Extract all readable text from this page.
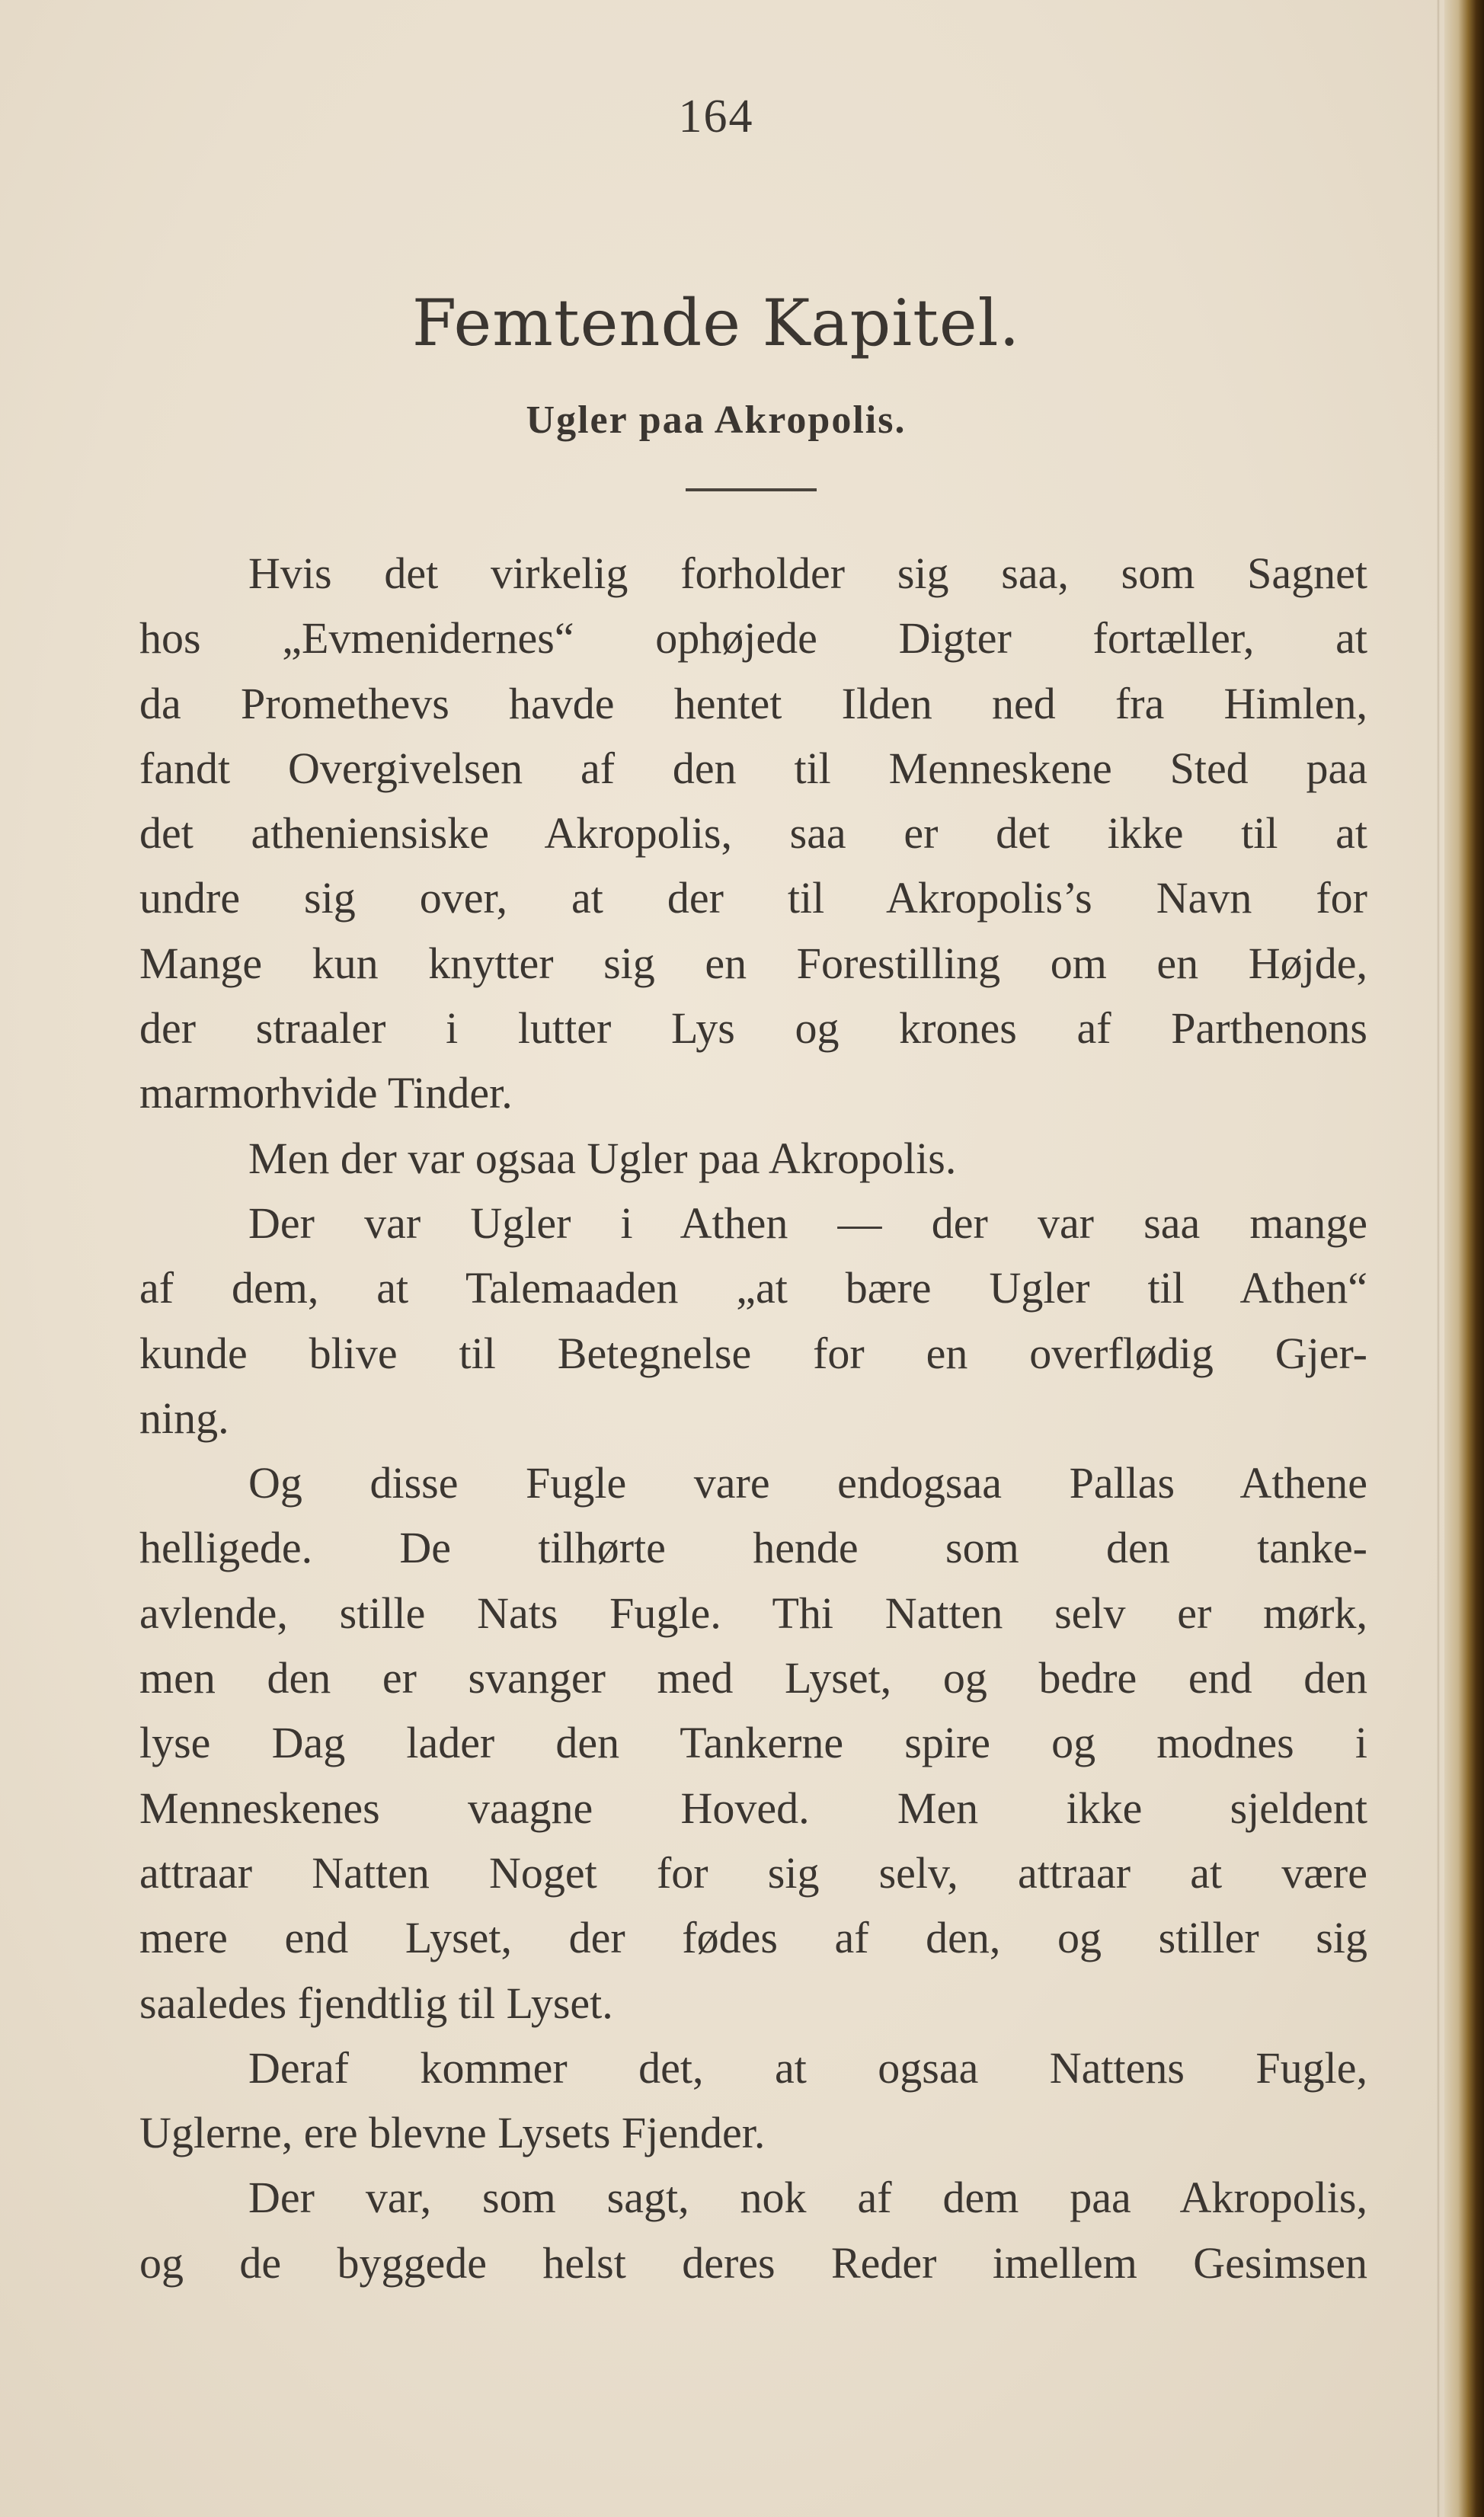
164
Femtende Kapitel.
Ugler paa Akropolis.
Hvis det virkelig forholder sig saa, som Sagnet
hos „Evmenidernes“ ophøjede Digter fortæller, at
da Promethevs havde hentet Ilden ned fra Himlen,
fandt Overgivelsen af den til Menneskene Sted paa
det atheniensiske Akropolis, saa er det ikke til at
undre sig over, at der til Akropolis’s Navn for
Mange kun knytter sig en Forestilling om en Højde,
der straaler i lutter Lys og krones af Parthenons
marmorhvide Tinder.
Men der var ogsaa Ugler paa Akropolis.
Der var Ugler i Athen — der var saa mange
af dem, at Talemaaden „at bære Ugler til Athen“
kunde blive til Betegnelse for en overflødig Gjer-
ning.
Og disse Fugle vare endogsaa Pallas Athene
helligede. De tilhørte hende som den tanke-
avlende, stille Nats Fugle. Thi Natten selv er mørk,
men den er svanger med Lyset, og bedre end den
lyse Dag lader den Tankerne spire og modnes i
Menneskenes vaagne Hoved. Men ikke sjeldent
attraar Natten Noget for sig selv, attraar at være
mere end Lyset, der fødes af den, og stiller sig
saaledes fjendtlig til Lyset.
Deraf kommer det, at ogsaa Nattens Fugle,
Uglerne, ere blevne Lysets Fjender.
Der var, som sagt, nok af dem paa Akropolis,
og de byggede helst deres Reder imellem Gesimsen
